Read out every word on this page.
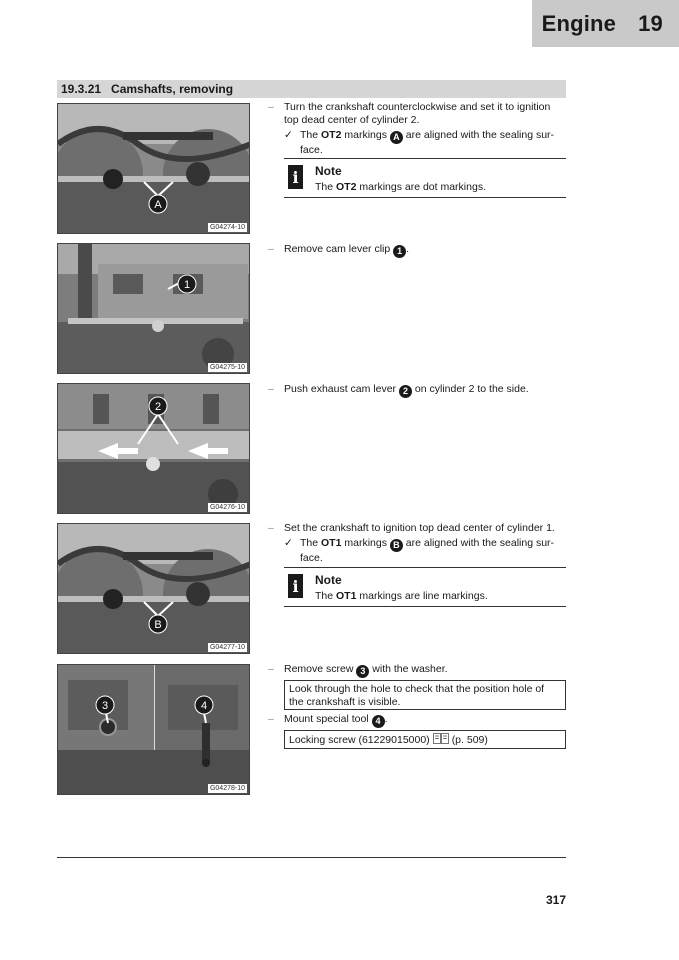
Engine 19
19.3.21 Camshafts, removing
A
G04274-10
1
G04275-10
2
G04276-10
B
G04277-10
3	4
G04278-10
– Turn the crankshaft counterclockwise and set it to ignition top dead center of cylinder 2.
✓ The OT2 markings A are aligned with the sealing sur-face.
i	Note
The OT2 markings are dot markings.
– Remove cam lever clip 1 .
– Push exhaust cam lever 2 on cylinder 2 to the side.
– Set the crankshaft to ignition top dead center of cylinder 1.
✓ The OT1 markings B are aligned with the sealing sur-face.
i	Note
The OT1 markings are line markings.
– Remove screw 3 with the washer.
Look through the hole to check that the position hole of the crankshaft is visible.
– Mount special tool 4 .
Locking screw (61229015000) (p. 509)
317
